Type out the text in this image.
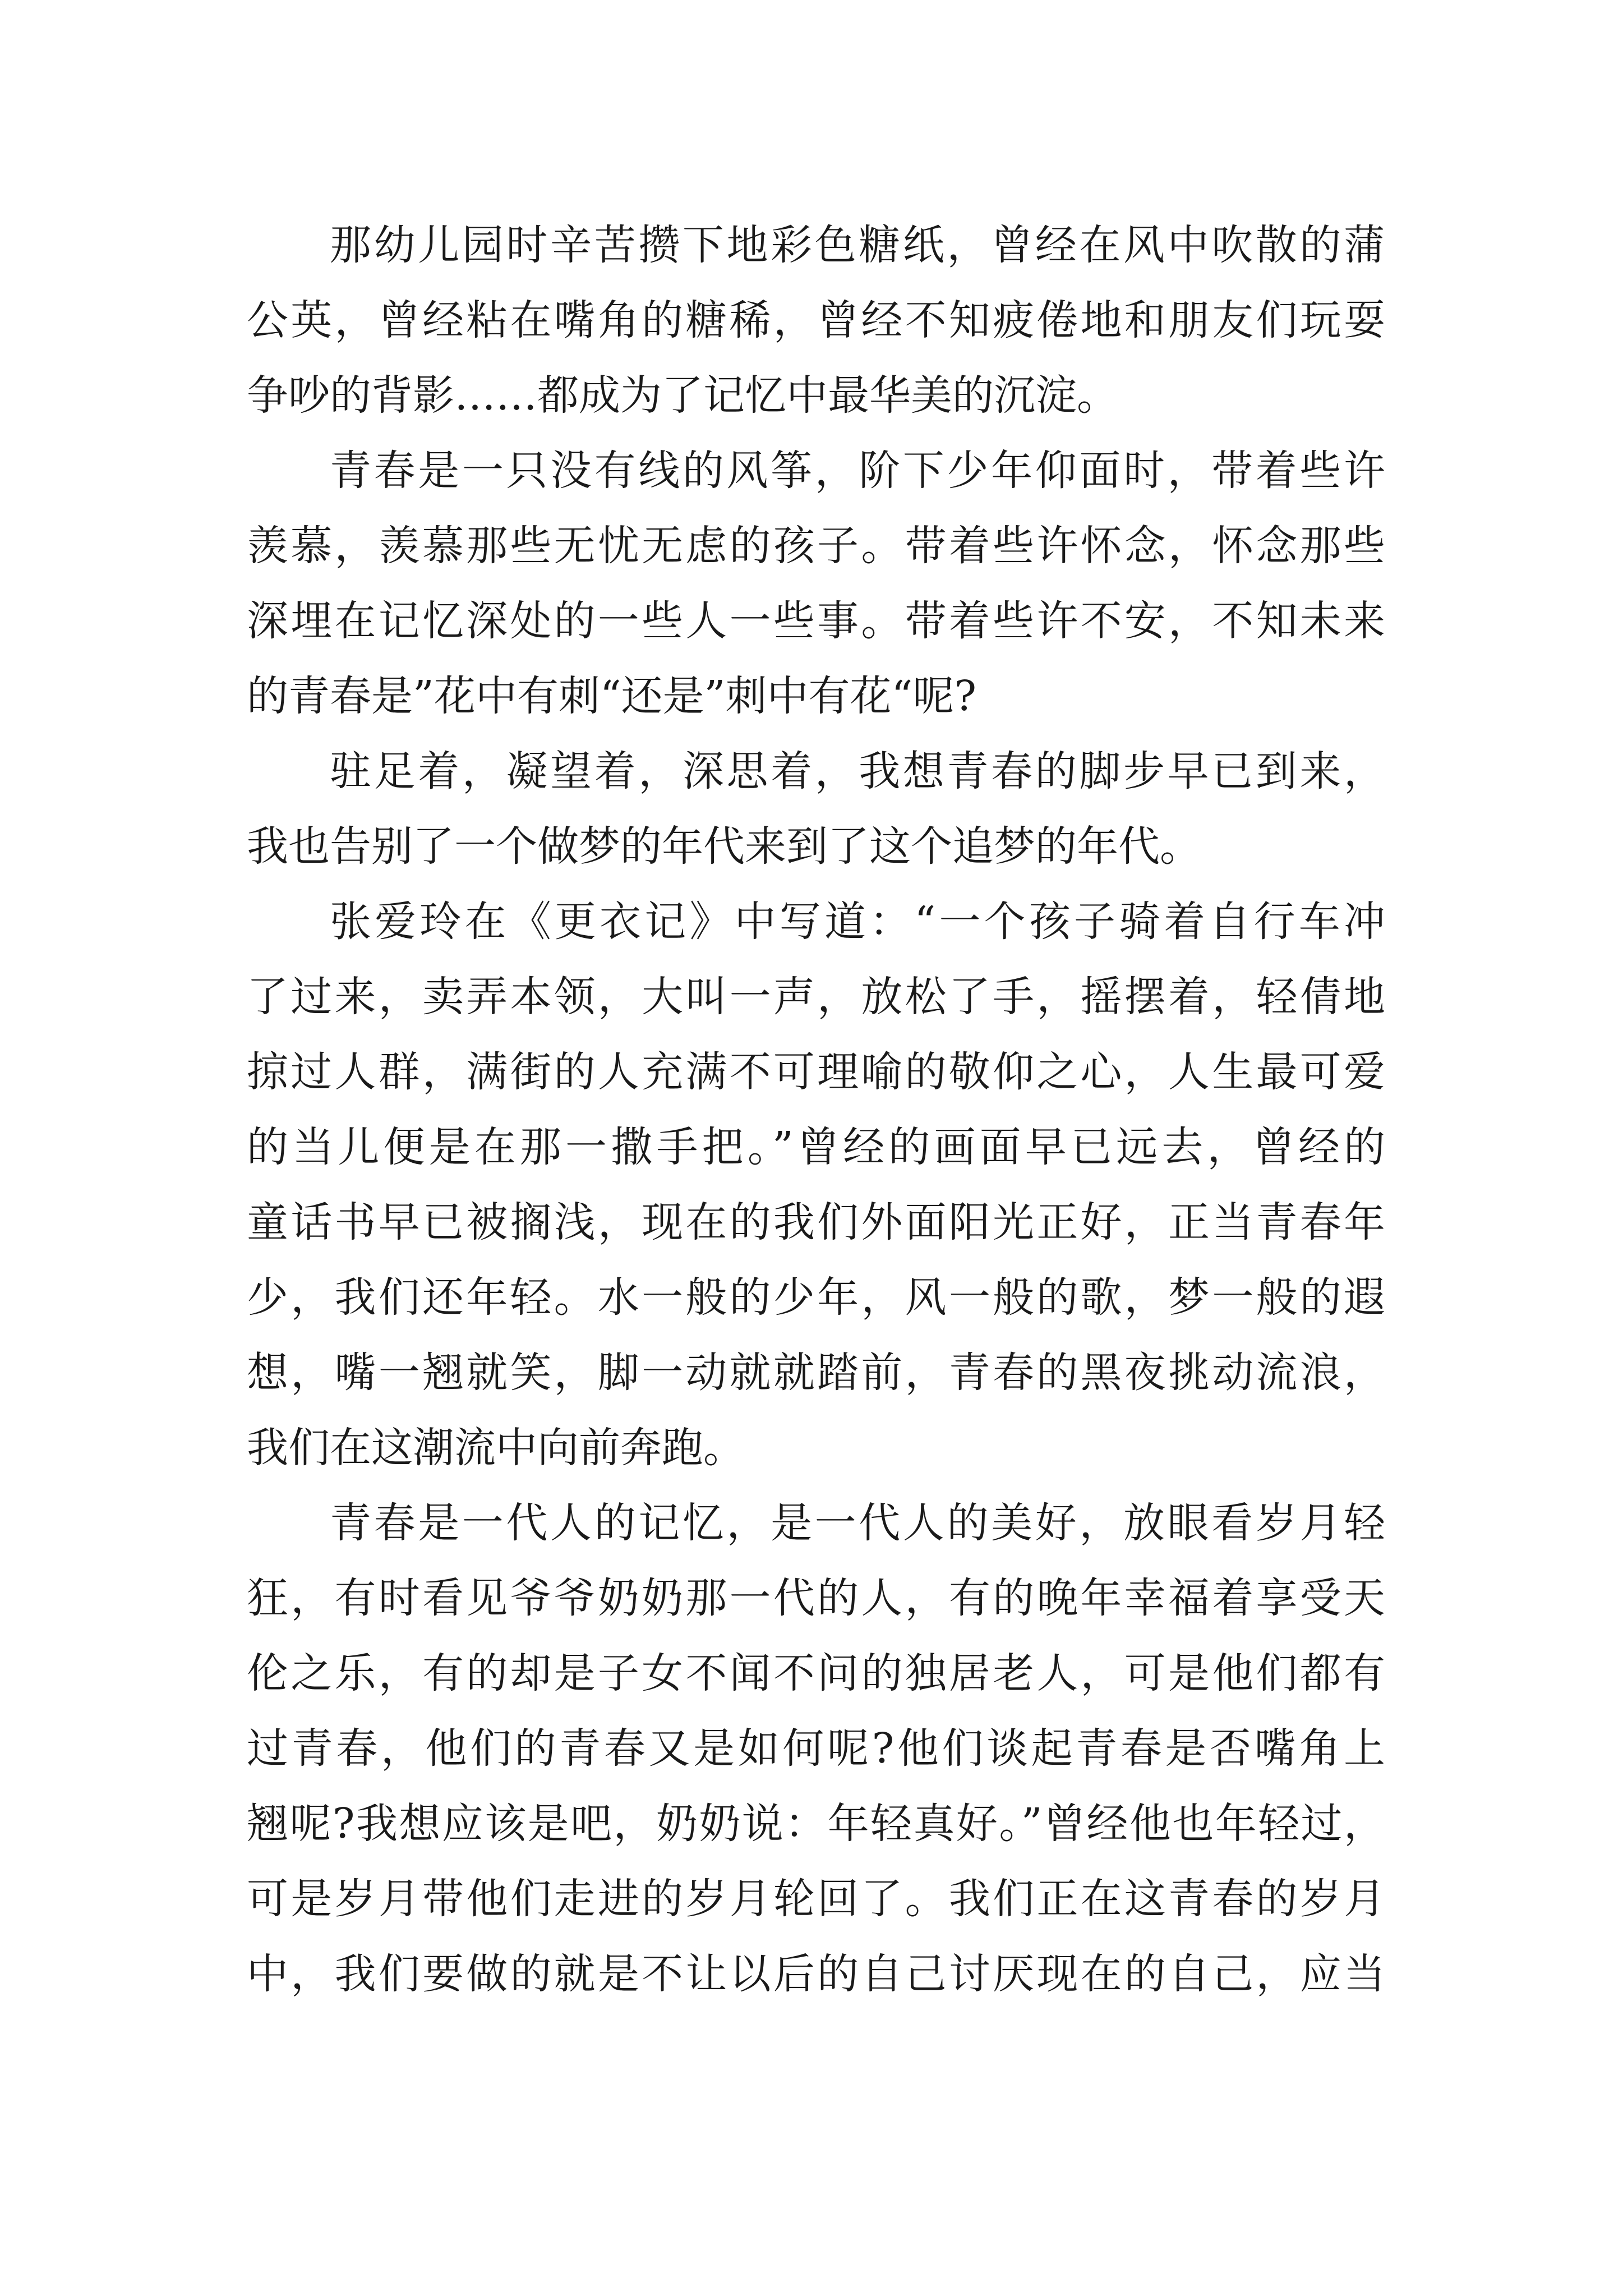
那幼儿园时辛苦攒下地彩色糖纸，曾经在风中吹散的蒲
公英，曾经粘在嘴角的糖稀，曾经不知疲倦地和朋友们玩耍
争吵的背影……都成为了记忆中最华美的沉淀。
青春是一只没有线的风筝，阶下少年仰面时，带着些许
羡慕，羡慕那些无忧无虑的孩子。带着些许怀念，怀念那些
深埋在记忆深处的一些人一些事。带着些许不安，不知未来
的青春是”花中有刺“还是”刺中有花“呢?
驻足着，凝望着，深思着，我想青春的脚步早已到来，
我也告别了一个做梦的年代来到了这个追梦的年代。
张爱玲在《更衣记》中写道：“一个孩子骑着自行车冲
了过来，卖弄本领，大叫一声，放松了手，摇摆着，轻倩地
掠过人群，满街的人充满不可理喻的敬仰之心，人生最可爱
的当儿便是在那一撒手把。”曾经的画面早已远去，曾经的
童话书早已被搁浅，现在的我们外面阳光正好，正当青春年
少，我们还年轻。水一般的少年，风一般的歌，梦一般的遐
想，嘴一翘就笑，脚一动就就踏前，青春的黑夜挑动流浪，
我们在这潮流中向前奔跑。
青春是一代人的记忆，是一代人的美好，放眼看岁月轻
狂，有时看见爷爷奶奶那一代的人，有的晚年幸福着享受天
伦之乐，有的却是子女不闻不问的独居老人，可是他们都有
过青春，他们的青春又是如何呢?他们谈起青春是否嘴角上
翘呢?我想应该是吧，奶奶说：年轻真好。”曾经他也年轻过，
可是岁月带他们走进的岁月轮回了。我们正在这青春的岁月
中，我们要做的就是不让以后的自己讨厌现在的自己，应当
